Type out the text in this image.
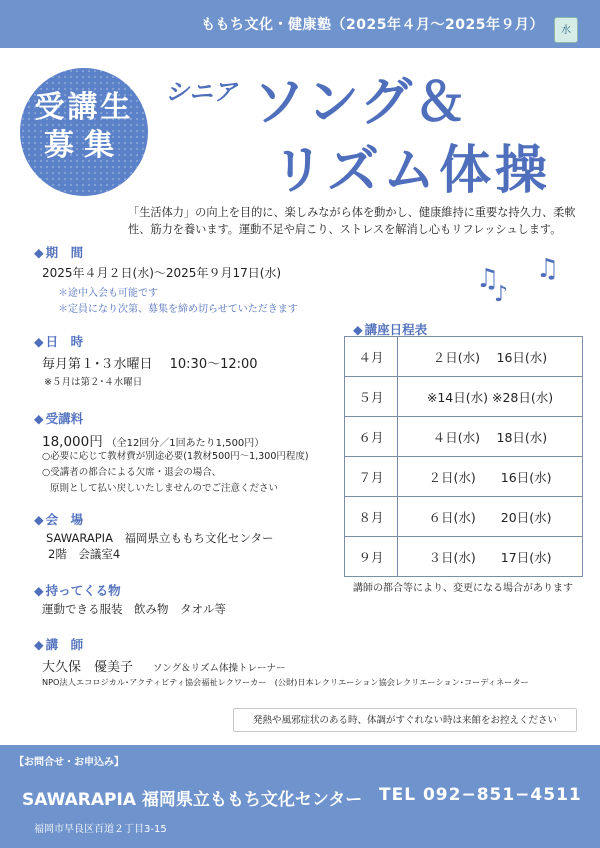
ももち文化・健康塾（2025年４月～2025年９月）	水
受講生
募集
シニア ソング＆
リズム体操
「生活体力」の向上を目的に、楽しみながら体を動かし、健康維持に重要な持久力、柔軟性、筋力を養います。運動不足や肩こり、ストレスを解消し心もリフレッシュします。
♫
♪
♫
◆ 期　間
2025年４月２日(水)～2025年９月17日(水)
＊途中入会も可能です
＊定員になり次第、募集を締め切らせていただきます
◆ 日　時
毎月第１･３水曜日　 10:30～12:00
※５月は第２･４水曜日
◆ 受講料
18,000円 （全12回分／1回あたり1,500円）
○必要に応じて教材費が別途必要(1教材500円～1,300円程度)
○受講者の都合による欠席・退会の場合、
原則として払い戻しいたしませんのでご注意ください
◆ 会　場
SAWARAPIA　福岡県立ももち文化センター
2階　会議室4
◆ 持ってくる物
運動できる服装　飲み物　タオル等
◆ 講　師
大久保　優美子 ソング＆リズム体操トレーナー
NPO法人エコロジカル･アクティビティ協会福祉レクワーカー　(公財)日本レクリエーション協会レクリエーション･コーディネーター
◆ 講座日程表
４月	２日(水)　 16日(水)
５月	※14日(水) ※28日(水)
６月	４日(水)　 18日(水)
７月	２日(水)　　16日(水)
８月	６日(水)　　20日(水)
９月	３日(水)　　17日(水)
講師の都合等により、変更になる場合があります
発熱や風邪症状のある時、体調がすぐれない時は来館をお控えください
【お問合せ・お申込み】
SAWARAPIA 福岡県立ももち文化センター TEL 092−851−4511
福岡市早良区百道２丁目3-15
